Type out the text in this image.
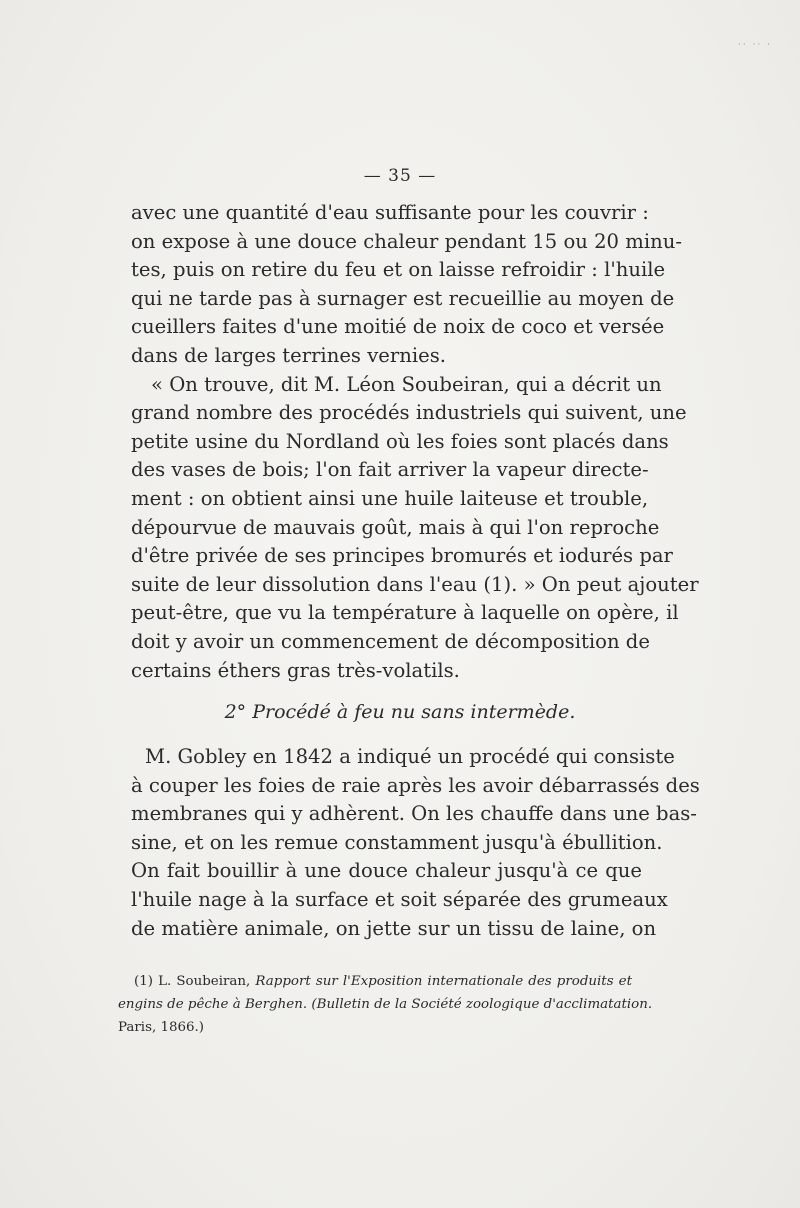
·· ·· ·
— 35 —
avec une quantité d'eau suffisante pour les couvrir :
on expose à une douce chaleur pendant 15 ou 20 minu-
tes, puis on retire du feu et on laisse refroidir : l'huile
qui ne tarde pas à surnager est recueillie au moyen de
cueillers faites d'une moitié de noix de coco et versée
dans de larges terrines vernies.
« On trouve, dit M. Léon Soubeiran, qui a décrit un
grand nombre des procédés industriels qui suivent, une
petite usine du Nordland où les foies sont placés dans
des vases de bois; l'on fait arriver la vapeur directe-
ment : on obtient ainsi une huile laiteuse et trouble,
dépourvue de mauvais goût, mais à qui l'on reproche
d'être privée de ses principes bromurés et iodurés par
suite de leur dissolution dans l'eau (1). » On peut ajouter
peut-être, que vu la température à laquelle on opère, il
doit y avoir un commencement de décomposition de
certains éthers gras très-volatils.
2° Procédé à feu nu sans intermède.
M. Gobley en 1842 a indiqué un procédé qui consiste
à couper les foies de raie après les avoir débarrassés des
membranes qui y adhèrent. On les chauffe dans une bas-
sine, et on les remue constamment jusqu'à ébullition.
On fait bouillir à une douce chaleur jusqu'à ce que
l'huile nage à la surface et soit séparée des grumeaux
de matière animale, on jette sur un tissu de laine, on
(1) L. Soubeiran, Rapport sur l'Exposition internationale des produits et
engins de pêche à Berghen. (Bulletin de la Société zoologique d'acclimatation.
Paris, 1866.)
